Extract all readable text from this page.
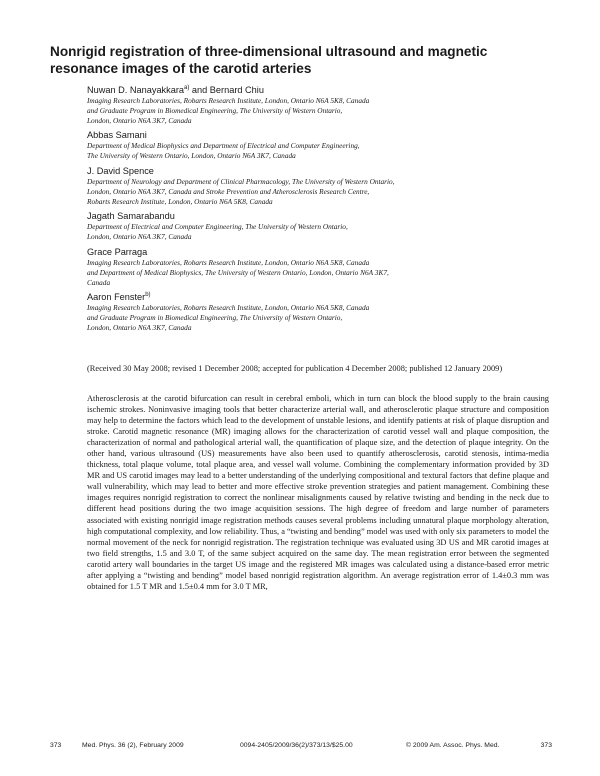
Nonrigid registration of three-dimensional ultrasound and magnetic resonance images of the carotid arteries
Nuwan D. Nanayakkara$^{a)}$ and Bernard Chiu
Imaging Research Laboratories, Robarts Research Institute, London, Ontario N6A 5K8, Canada
and Graduate Program in Biomedical Engineering, The University of Western Ontario,
London, Ontario N6A 3K7, Canada
Abbas Samani
Department of Medical Biophysics and Department of Electrical and Computer Engineering,
The University of Western Ontario, London, Ontario N6A 3K7, Canada
J. David Spence
Department of Neurology and Department of Clinical Pharmacology, The University of Western Ontario,
London, Ontario N6A 3K7, Canada and Stroke Prevention and Atherosclerosis Research Centre,
Robarts Research Institute, London, Ontario N6A 5K8, Canada
Jagath Samarabandu
Department of Electrical and Computer Engineering, The University of Western Ontario,
London, Ontario N6A 3K7, Canada
Grace Parraga
Imaging Research Laboratories, Robarts Research Institute, London, Ontario N6A 5K8, Canada
and Department of Medical Biophysics, The University of Western Ontario, London, Ontario N6A 3K7,
Canada
Aaron Fenster$^{b)}$
Imaging Research Laboratories, Robarts Research Institute, London, Ontario N6A 5K8, Canada
and Graduate Program in Biomedical Engineering, The University of Western Ontario,
London, Ontario N6A 3K7, Canada
(Received 30 May 2008; revised 1 December 2008; accepted for publication 4 December 2008; published 12 January 2009)
Atherosclerosis at the carotid bifurcation can result in cerebral emboli, which in turn can block the blood supply to the brain causing ischemic strokes. Noninvasive imaging tools that better characterize arterial wall, and atherosclerotic plaque structure and composition may help to determine the factors which lead to the development of unstable lesions, and identify patients at risk of plaque disruption and stroke. Carotid magnetic resonance (MR) imaging allows for the characterization of carotid vessel wall and plaque composition, the characterization of normal and pathological arterial wall, the quantification of plaque size, and the detection of plaque integrity. On the other hand, various ultrasound (US) measurements have also been used to quantify atherosclerosis, carotid stenosis, intima-media thickness, total plaque volume, total plaque area, and vessel wall volume. Combining the complementary information provided by 3D MR and US carotid images may lead to a better understanding of the underlying compositional and textural factors that define plaque and wall vulnerability, which may lead to better and more effective stroke prevention strategies and patient management. Combining these images requires nonrigid registration to correct the nonlinear misalignments caused by relative twisting and bending in the neck due to different head positions during the two image acquisition sessions. The high degree of freedom and large number of parameters associated with existing nonrigid image registration methods causes several problems including unnatural plaque morphology alteration, high computational complexity, and low reliability. Thus, a “twisting and bending” model was used with only six parameters to model the normal movement of the neck for nonrigid registration. The registration technique was evaluated using 3D US and MR carotid images at two field strengths, 1.5 and 3.0 T, of the same subject acquired on the same day. The mean registration error between the segmented carotid artery wall boundaries in the target US image and the registered MR images was calculated using a distance-based error metric after applying a “twisting and bending” model based nonrigid registration algorithm. An average registration error of 1.4±0.3 mm was obtained for 1.5 T MR and 1.5±0.4 mm for 3.0 T MR,
373	Med. Phys. 36 (2), February 2009	0094-2405/2009/36(2)/373/13/$25.00	© 2009 Am. Assoc. Phys. Med.	373
